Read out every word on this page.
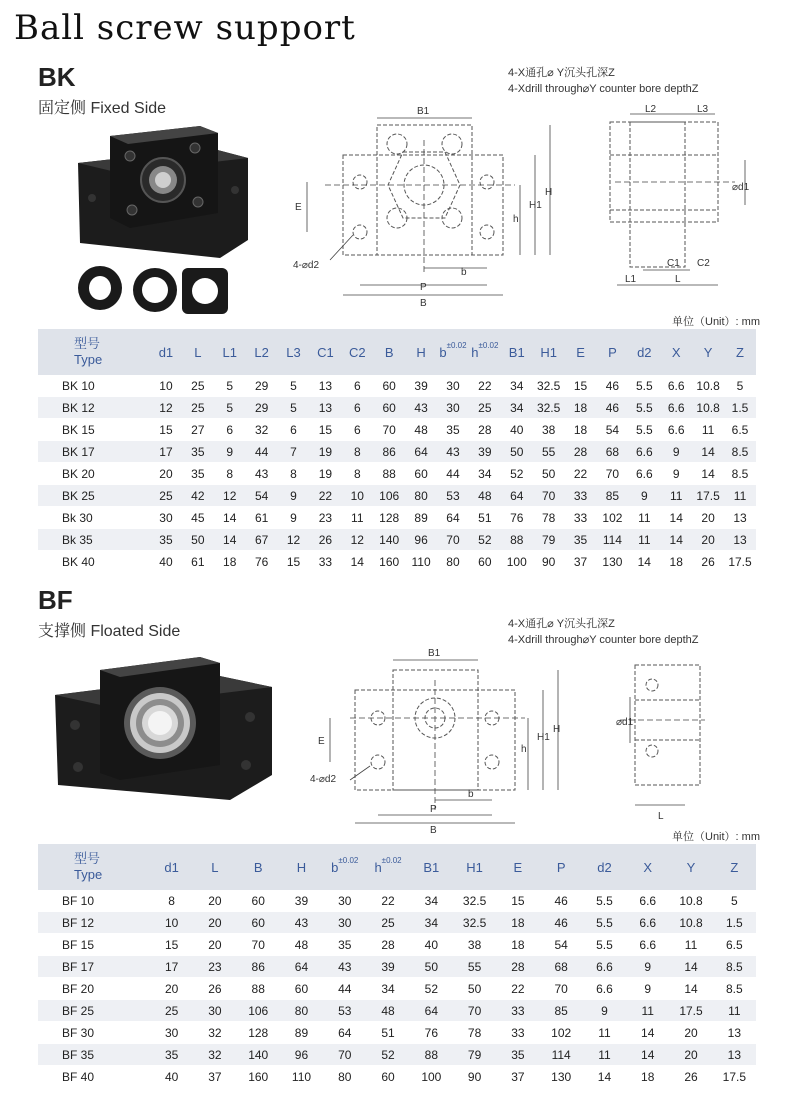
Ball screw support
BK
固定侧 Fixed Side
4-X通孔⌀ Y沉头孔深Z
4-Xdrill through⌀Y counter bore depthZ
B1
E
4-⌀d2
h
H1
H
b
P
B
L2	L3
⌀d1
C1 C2
L1	L
单位（Unit）: mm
型号
Type	d1	L	L1	L2	L3	C1	C2	B	H	$b^{\pm 0.02}$	$h^{\pm 0.02}$	B1	H1	E	P	d2	X	Y	Z
BK 10	10	25	5	29	5	13	6	60	39	30	22	34	32.5	15	46	5.5	6.6	10.8	5
BK 12	12	25	5	29	5	13	6	60	43	30	25	34	32.5	18	46	5.5	6.6	10.8	1.5
BK 15	15	27	6	32	6	15	6	70	48	35	28	40	38	18	54	5.5	6.6	11	6.5
BK 17	17	35	9	44	7	19	8	86	64	43	39	50	55	28	68	6.6	9	14	8.5
BK 20	20	35	8	43	8	19	8	88	60	44	34	52	50	22	70	6.6	9	14	8.5
BK 25	25	42	12	54	9	22	10	106	80	53	48	64	70	33	85	9	11	17.5	11
Bk 30	30	45	14	61	9	23	11	128	89	64	51	76	78	33	102	11	14	20	13
Bk 35	35	50	14	67	12	26	12	140	96	70	52	88	79	35	114	11	14	20	13
BK 40	40	61	18	76	15	33	14	160	110	80	60	100	90	37	130	14	18	26	17.5
BF
支撑侧 Floated Side	4-X通孔⌀ Y沉头孔深Z
4-Xdrill through⌀Y counter bore depthZ
B1
E
4-⌀d2
h
H1
H
b
P
B
⌀d1
L
单位（Unit）: mm
型号
Type	d1	L	B	H	$b^{\pm 0.02}$	$h^{\pm 0.02}$	B1	H1	E	P	d2	X	Y	Z
BF 10	8	20	60	39	30	22	34	32.5	15	46	5.5	6.6	10.8	5
BF 12	10	20	60	43	30	25	34	32.5	18	46	5.5	6.6	10.8	1.5
BF 15	15	20	70	48	35	28	40	38	18	54	5.5	6.6	11	6.5
BF 17	17	23	86	64	43	39	50	55	28	68	6.6	9	14	8.5
BF 20	20	26	88	60	44	34	52	50	22	70	6.6	9	14	8.5
BF 25	25	30	106	80	53	48	64	70	33	85	9	11	17.5	11
BF 30	30	32	128	89	64	51	76	78	33	102	11	14	20	13
BF 35	35	32	140	96	70	52	88	79	35	114	11	14	20	13
BF 40	40	37	160	110	80	60	100	90	37	130	14	18	26	17.5
